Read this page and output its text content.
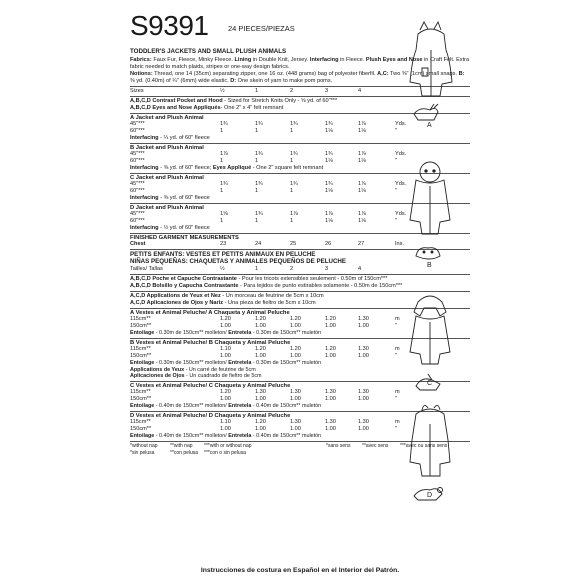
S9391	24 PIECES/PIEZAS
TODDLER'S JACKETS AND SMALL PLUSH ANIMALS
Fabrics: Faux Fur, Fleece, Minky Fleece. Lining in Double Knit, Jersey. Interfacing in Fleece. Plush Eyes and Nose in Craft Felt. Extra fabric needed to match plaids, stripes or one-way design fabrics.
Notions: Thread, one 14 (35cm) separating zipper, one 16 oz. (448 grams) bag of polyester fiberfil. A,C: Two ⅜" (1cm) small snaps. B: ⅜ yd. (0.40m) of ¼" (6mm) wide elastic. D: One skein of yarn to make pom poms.
Sizes	½	1	2	3	4
A,B,C,D Contrast Pocket and Hood - Sized for Stretch Knits Only - ⅝ yd. of 60"***
A,B,C,D Eyes and Nose Appliqués- One 2" x 4" felt remnant
A Jacket and Plush Animal
45"***	1¾	1¾	1¾	1¾	1⅞	Yds.
60"***	1	1	1	1⅛	1⅛	"
Interfacing - ¼ yd. of 60" fleece
B Jacket and Plush Animal
45"***	1⅞	1¾	1¾	1¾	1⅞	Yds.
60"***	1	1	1	1⅛	1⅛	"
Interfacing - ⅜ yd. of 60" fleece; Eyes Appliqué - One 2" square felt remnant
C Jacket and Plush Animal
45"***	1¾	1¾	1¾	1¾	1⅞	Yds.
60"***	1	1	1	1⅛	1⅛	"
Interfacing - ⅜ yd. of 60" fleece
D Jacket and Plush Animal
45"***	1⅝	1¾	1⅞	1⅞	1⅞	Yds.
60"***	1	1	1	1⅛	1⅛	"
Interfacing - ½ yd. of 60" fleece
FINISHED GARMENT MEASUREMENTS
Chest	23	24	25	26	27	Ins.
PETITS ENFANTS: VESTES ET PETITS ANIMAUX EN PELUCHE
NIÑAS PEQUEÑAS: CHAQUETAS Y ANIMALES PEQUEÑOS DE PELUCHE
Tailles/ Tallas	½	1	2	3	4
A,B,C,D Poche et Capuche Contrastante - Pour les tricots extensibles seulement - 0.50m of 150cm***
A,B,C,D Bolsillo y Capucha Contrastante - Para tejidos de punto estirables solamente - 0.50m de 150cm***
A,C,D Applications de Yeux et Nez - Un morceau de feutrine de 5cm x 10cm
A,C,D Aplicaciones de Ojos y Nariz - Una pieza de fieltro de 5cm x 10cm
A Vestes et Animal Peluche/ A Chaqueta y Animal Peluche
115cm**	1.20	1.20	1.20	1.20	1.30	m
150cm**	1.00	1.00	1.00	1.00	1.00	"
Entoilage - 0.30m de 150cm** molleton/ Entretela - 0.30m de 150cm** muletón
B Vestes et Animal Peluche/ B Chaqueta y Animal Peluche
115cm**	1.10	1.20	1.20	1.20	1.30	m
150cm**	1.00	1.00	1.00	1.00	1.00	"
Entoilage - 0.30m de 150cm** molleton/ Entretela - 0.30m de 150cm** muletón
Applications de Yeux - Un carré de feutrine de 5cm
Aplicaciones de Ojos - Un cuadrado de fieltro de 5cm
C Vestes et Animal Peluche/ C Chaqueta y Animal Peluche
115cm**	1.20	1.30	1.30	1.30	1.30	m
150cm**	1.00	1.00	1.00	1.00	1.00	"
Entoilage - 0.40m de 150cm** molleton/ Entretela - 0.40m de 150cm** muletón
D Vestes et Animal Peluche/ D Chaqueta y Animal Peluche
115cm**	1.10	1.20	1.30	1.30	1.30	m
150cm**	1.00	1.00	1.00	1.00	1.00	"
Entoilage - 0.40m de 150cm** molleton/ Entretela - 0.40m de 150cm** muletón
*without nap **with nap ***with or without nap	*sans sens **avec sens ***avec ou sans sens
*sin pelusa	**con pelusa ***con o sin pelusa
Instrucciones de costura en Español en el Interior del Patrón.
A
B
C
D
